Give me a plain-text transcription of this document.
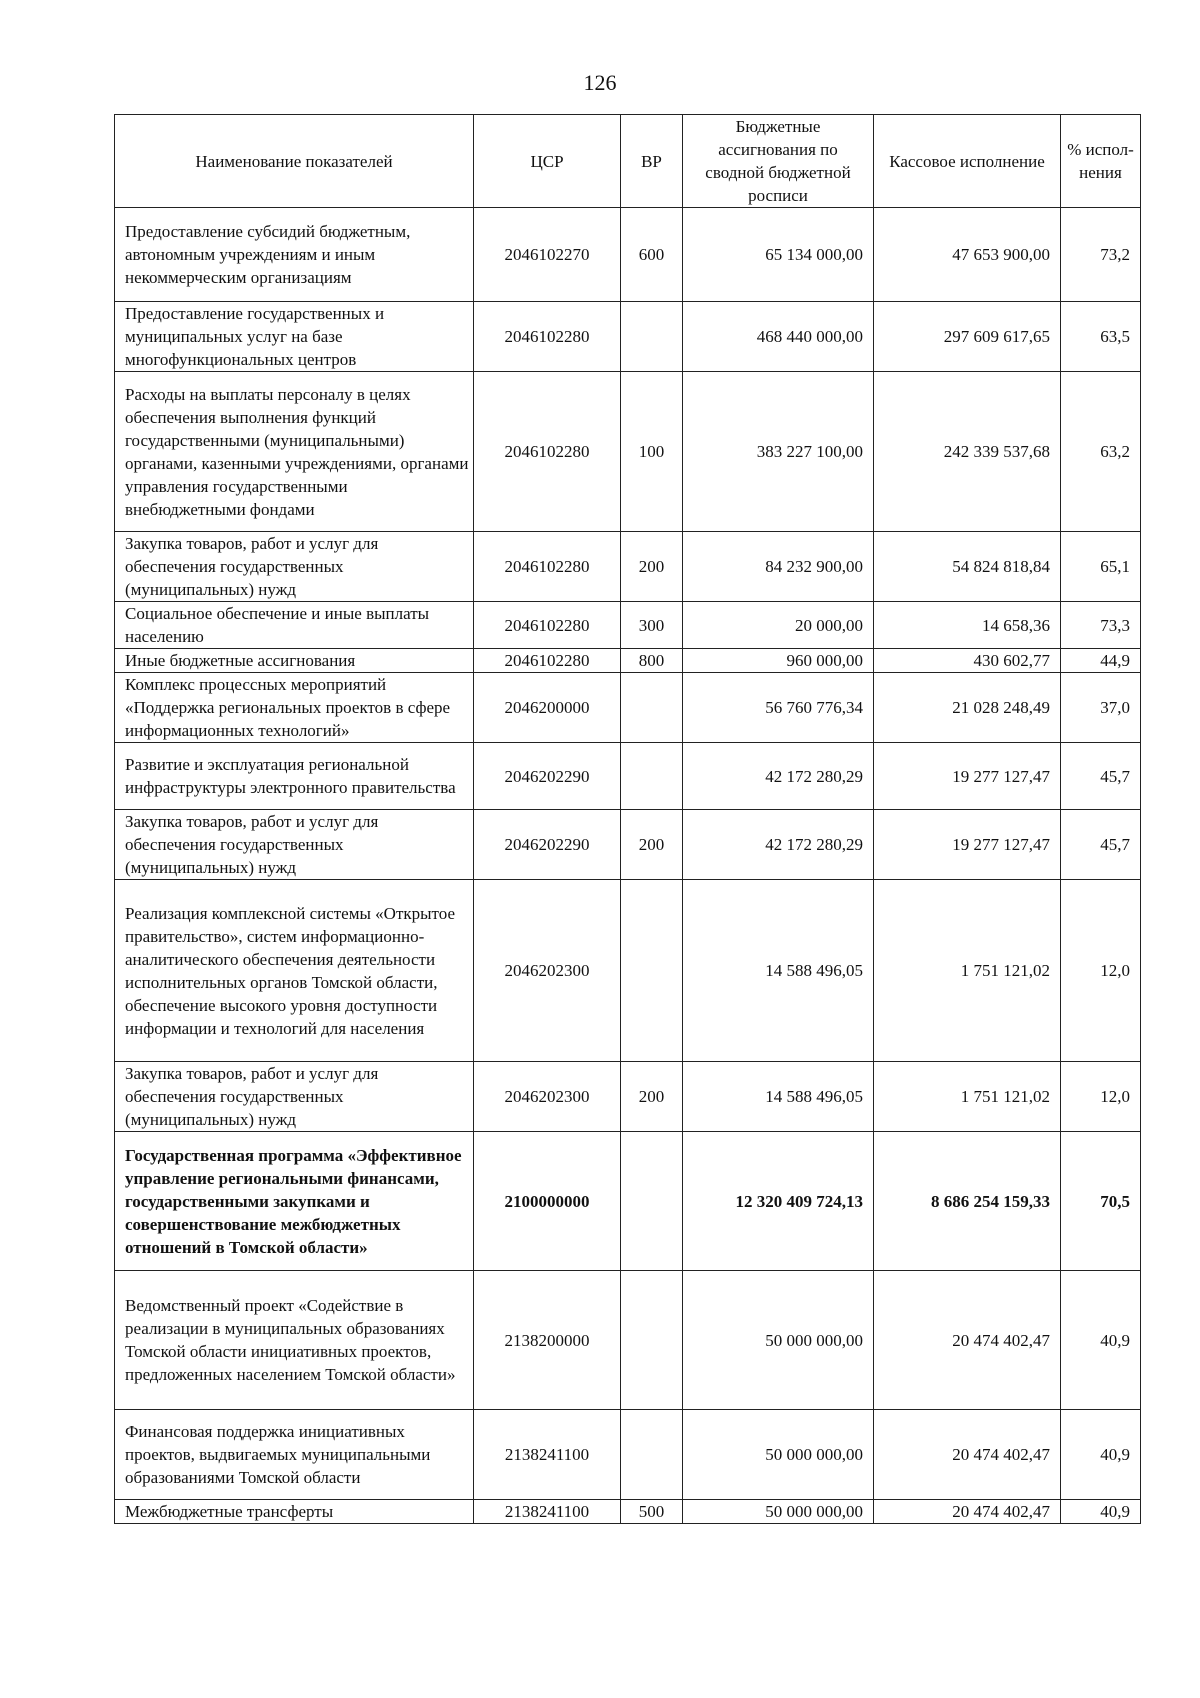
126
Наименование показателей	ЦСР	ВР	Бюджетные ассигнования по сводной бюджетной росписи	Кассовое исполнение	% испол-нения
Предоставление субсидий бюджетным, автономным учреждениям и иным некоммерческим организациям	2046102270	600	65 134 000,00	47 653 900,00	73,2
Предоставление государственных и муниципальных услуг на базе многофункциональных центров	2046102280		468 440 000,00	297 609 617,65	63,5
Расходы на выплаты персоналу в целях обеспечения выполнения функций государственными (муниципальными) органами, казенными учреждениями, органами управления государственными внебюджетными фондами	2046102280	100	383 227 100,00	242 339 537,68	63,2
Закупка товаров, работ и услуг для обеспечения государственных (муниципальных) нужд	2046102280	200	84 232 900,00	54 824 818,84	65,1
Социальное обеспечение и иные выплаты населению	2046102280	300	20 000,00	14 658,36	73,3
Иные бюджетные ассигнования	2046102280	800	960 000,00	430 602,77	44,9
Комплекс процессных мероприятий «Поддержка региональных проектов в сфере информационных технологий»	2046200000		56 760 776,34	21 028 248,49	37,0
Развитие и эксплуатация региональной инфраструктуры электронного правительства	2046202290		42 172 280,29	19 277 127,47	45,7
Закупка товаров, работ и услуг для обеспечения государственных (муниципальных) нужд	2046202290	200	42 172 280,29	19 277 127,47	45,7
Реализация комплексной системы «Открытое правительство», систем информационно-аналитического обеспечения деятельности исполнительных органов Томской области, обеспечение высокого уровня доступности информации и технологий для населения	2046202300		14 588 496,05	1 751 121,02	12,0
Закупка товаров, работ и услуг для обеспечения государственных (муниципальных) нужд	2046202300	200	14 588 496,05	1 751 121,02	12,0
Государственная программа «Эффективное управление региональными финансами, государственными закупками и совершенствование межбюджетных отношений в Томской области»	2100000000		12 320 409 724,13	8 686 254 159,33	70,5
Ведомственный проект «Содействие в реализации в муниципальных образованиях Томской области инициативных проектов, предложенных населением Томской области»	2138200000		50 000 000,00	20 474 402,47	40,9
Финансовая поддержка инициативных проектов, выдвигаемых муниципальными образованиями Томской области	2138241100		50 000 000,00	20 474 402,47	40,9
Межбюджетные трансферты	2138241100	500	50 000 000,00	20 474 402,47	40,9
